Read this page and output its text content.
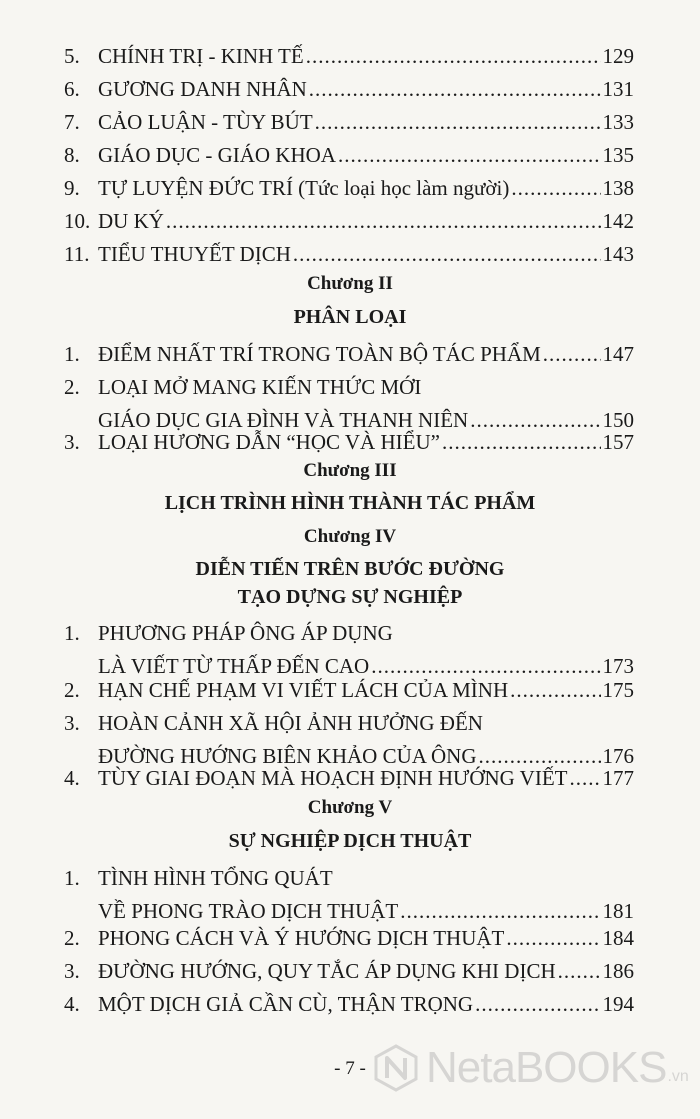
5. CHÍNH TRỊ - KINH TẾ .....	129
6. GƯƠNG DANH NHÂN .....	131
7. CẢO LUẬN - TÙY BÚT .....	133
8. GIÁO DỤC - GIÁO KHOA .....	135
9. TỰ LUYỆN ĐỨC TRÍ (Tức loại học làm người) .....	138
10. DU KÝ .....	142
11. TIỂU THUYẾT DỊCH .....	143
Chương II
PHÂN LOẠI
1. ĐIỂM NHẤT TRÍ TRONG TOÀN BỘ TÁC PHẨM .....	147
2. LOẠI MỞ MANG KIẾN THỨC MỚI
GIÁO DỤC GIA ĐÌNH VÀ THANH NIÊN .....	150
3. LOẠI HƯƠNG DẪN “HỌC VÀ HIỂU” .....	157
Chương III
LỊCH TRÌNH HÌNH THÀNH TÁC PHẨM
Chương IV
DIỄN TIẾN TRÊN BƯỚC ĐƯỜNG
TẠO DỰNG SỰ NGHIỆP
1. PHƯƠNG PHÁP ÔNG ÁP DỤNG
LÀ VIẾT TỪ THẤP ĐẾN CAO .....	173
2. HẠN CHẾ PHẠM VI VIẾT LÁCH CỦA MÌNH .....	175
3. HOÀN CẢNH XÃ HỘI ẢNH HƯỞNG ĐẾN
ĐƯỜNG HƯỚNG BIÊN KHẢO CỦA ÔNG .....	176
4. TÙY GIAI ĐOẠN MÀ HOẠCH ĐỊNH HƯỚNG VIẾT ..... 177
Chương V
SỰ NGHIỆP DỊCH THUẬT
1. TÌNH HÌNH TỔNG QUÁT
VỀ PHONG TRÀO DỊCH THUẬT .....	181
2. PHONG CÁCH VÀ Ý HƯỚNG DỊCH THUẬT .....	184
3. ĐƯỜNG HƯỚNG, QUY TẮC ÁP DỤNG KHI DỊCH ..... 186
4. MỘT DỊCH GIẢ CẦN CÙ, THẬN TRỌNG .....	194
- 7 -	NetaBOOKS .vn
